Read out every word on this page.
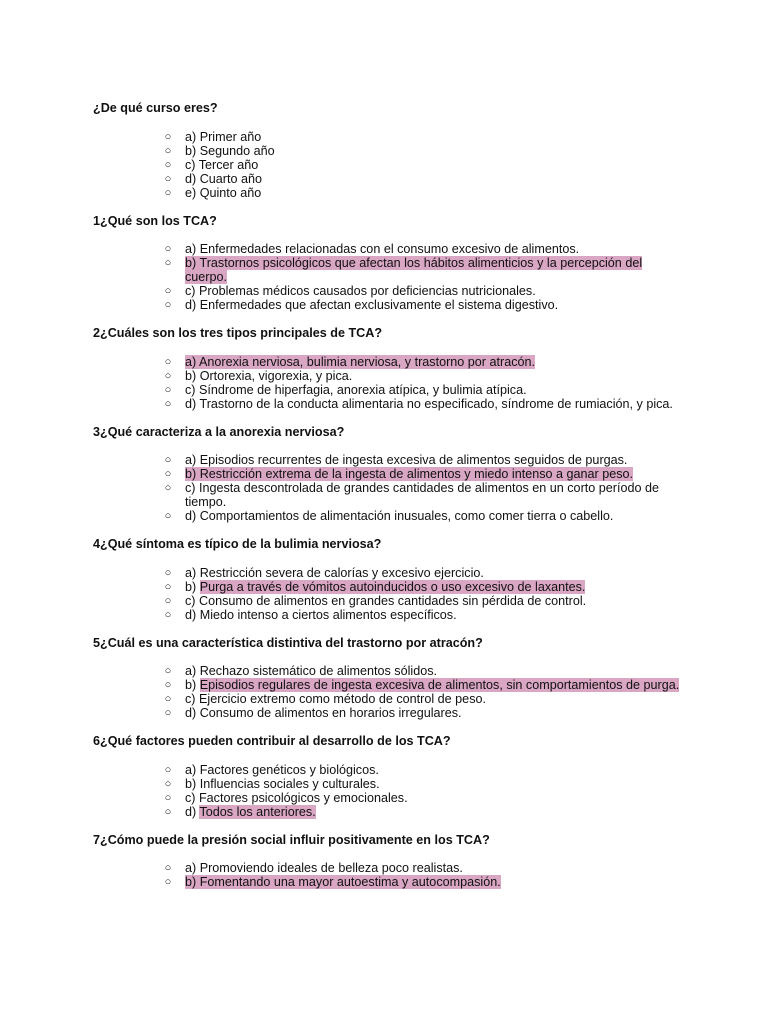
¿De qué curso eres?
○ a) Primer año
○ b) Segundo año
○ c) Tercer año
○ d) Cuarto año
○ e) Quinto año
1¿Qué son los TCA?
○ a) Enfermedades relacionadas con el consumo excesivo de alimentos.
○ b) Trastornos psicológicos que afectan los hábitos alimenticios y la percepción del cuerpo.
○ c) Problemas médicos causados por deficiencias nutricionales.
○ d) Enfermedades que afectan exclusivamente el sistema digestivo.
2¿Cuáles son los tres tipos principales de TCA?
○ a) Anorexia nerviosa, bulimia nerviosa, y trastorno por atracón.
○ b) Ortorexia, vigorexia, y pica.
○ c) Síndrome de hiperfagia, anorexia atípica, y bulimia atípica.
○ d) Trastorno de la conducta alimentaria no especificado, síndrome de rumiación, y pica.
3¿Qué caracteriza a la anorexia nerviosa?
○ a) Episodios recurrentes de ingesta excesiva de alimentos seguidos de purgas.
○ b) Restricción extrema de la ingesta de alimentos y miedo intenso a ganar peso.
○ c) Ingesta descontrolada de grandes cantidades de alimentos en un corto período de tiempo.
○ d) Comportamientos de alimentación inusuales, como comer tierra o cabello.
4¿Qué síntoma es típico de la bulimia nerviosa?
○ a) Restricción severa de calorías y excesivo ejercicio.
○ b) Purga a través de vómitos autoinducidos o uso excesivo de laxantes.
○ c) Consumo de alimentos en grandes cantidades sin pérdida de control.
○ d) Miedo intenso a ciertos alimentos específicos.
5¿Cuál es una característica distintiva del trastorno por atracón?
○ a) Rechazo sistemático de alimentos sólidos.
○ b) Episodios regulares de ingesta excesiva de alimentos, sin comportamientos de purga.
○ c) Ejercicio extremo como método de control de peso.
○ d) Consumo de alimentos en horarios irregulares.
6¿Qué factores pueden contribuir al desarrollo de los TCA?
○ a) Factores genéticos y biológicos.
○ b) Influencias sociales y culturales.
○ c) Factores psicológicos y emocionales.
○ d) Todos los anteriores.
7¿Cómo puede la presión social influir positivamente en los TCA?
○ a) Promoviendo ideales de belleza poco realistas.
○ b) Fomentando una mayor autoestima y autocompasión.
